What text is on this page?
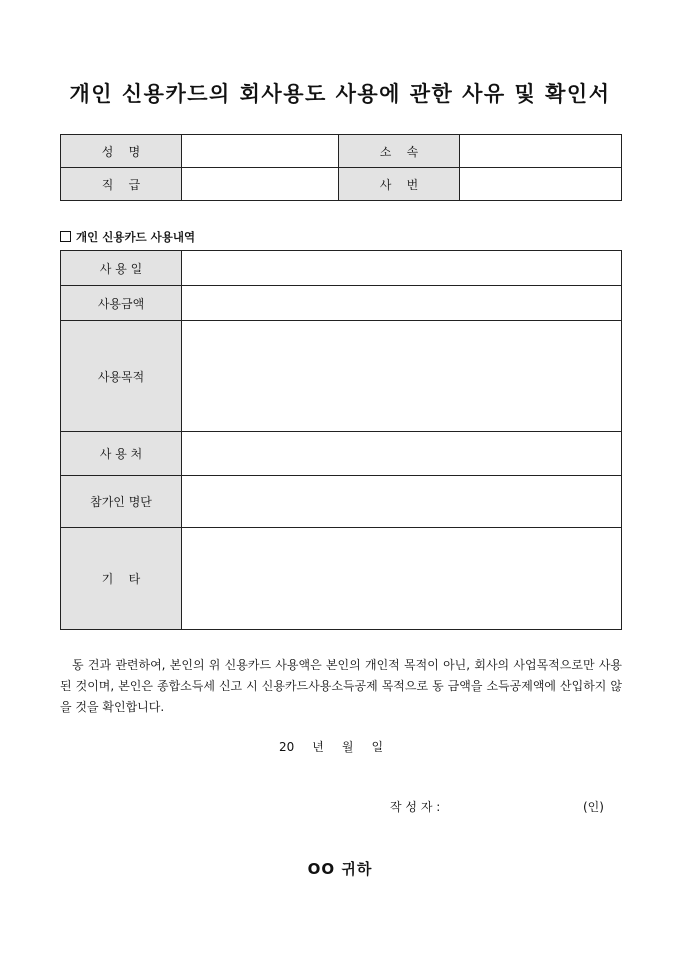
개인 신용카드의 회사용도 사용에 관한 사유 및 확인서
성    명		소    속	
직    급		사    번	
개인 신용카드 사용내역
사 용 일	
사용금액	
사용목적	
사 용 처	
참가인 명단	
기    타	
동 건과 관련하여, 본인의 위 신용카드 사용액은 본인의 개인적 목적이 아닌, 회사의 사업목적으로만 사용된 것이며, 본인은 종합소득세 신고 시 신용카드사용소득공제 목적으로 동 금액을 소득공제액에 산입하지 않을 것을 확인합니다.
20 년 월 일
작 성 자 :	(인)
OO 귀하
